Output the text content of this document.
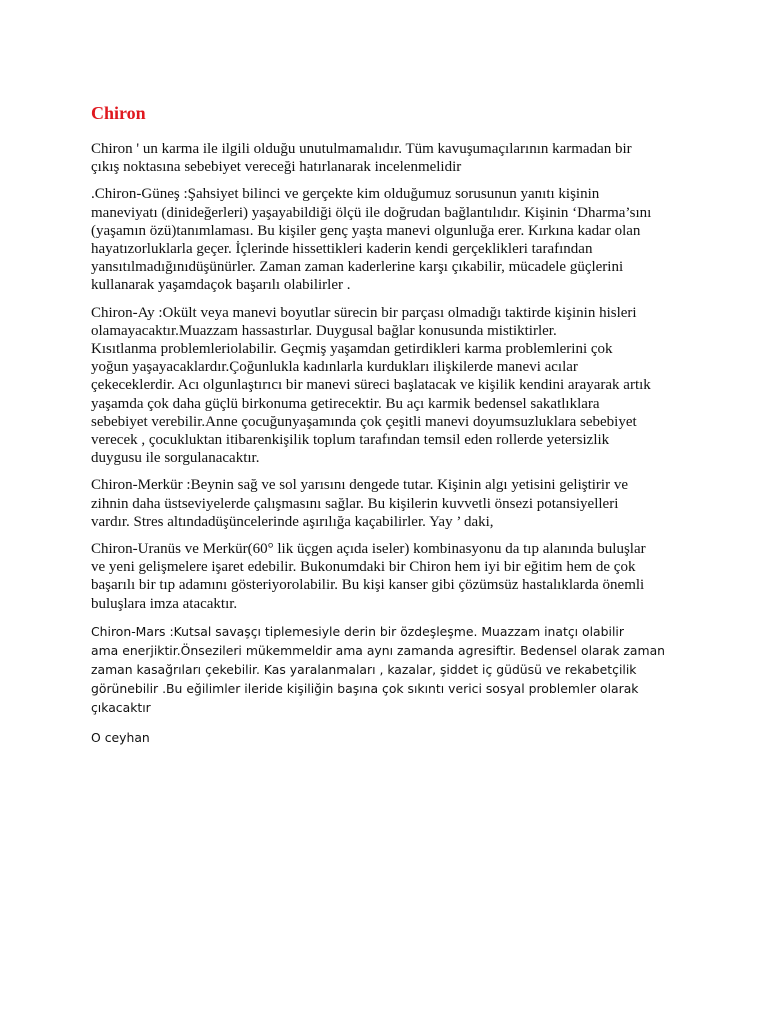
Chiron

Chiron ' un karma ile ilgili olduğu unutulmamalıdır. Tüm kavuşumaçılarının karmadan bir
çıkış noktasına sebebiyet vereceği hatırlanarak incelenmelidir

.Chiron-Güneş :Şahsiyet bilinci ve gerçekte kim olduğumuz sorusunun yanıtı kişinin
maneviyatı (dinideğerleri) yaşayabildiği ölçü ile doğrudan bağlantılıdır. Kişinin ‘Dharma’sını
(yaşamın özü)tanımlaması. Bu kişiler genç yaşta manevi olgunluğa erer. Kırkına kadar olan
hayatızorluklarla geçer. İçlerinde hissettikleri kaderin kendi gerçeklikleri tarafından
yansıtılmadığınıdüşünürler. Zaman zaman kaderlerine karşı çıkabilir, mücadele güçlerini
kullanarak yaşamdaçok başarılı olabilirler .

Chiron-Ay :Okült veya manevi boyutlar sürecin bir parçası olmadığı taktirde kişinin hisleri
olamayacaktır.Muazzam hassastırlar. Duygusal bağlar konusunda mistiktirler.
Kısıtlanma problemleriolabilir. Geçmiş yaşamdan getirdikleri karma problemlerini çok
yoğun yaşayacaklardır.Çoğunlukla kadınlarla kurdukları ilişkilerde manevi acılar
çekeceklerdir. Acı olgunlaştırıcı bir manevi süreci başlatacak ve kişilik kendini arayarak artık
yaşamda çok daha güçlü birkonuma getirecektir. Bu açı karmik bedensel sakatlıklara
sebebiyet verebilir.Anne çocuğunyaşamında çok çeşitli manevi doyumsuzluklara sebebiyet
verecek , çocukluktan itibarenkişilik toplum tarafından temsil eden rollerde yetersizlik
duygusu ile sorgulanacaktır.

Chiron-Merkür :Beynin sağ ve sol yarısını dengede tutar. Kişinin algı yetisini geliştirir ve
zihnin daha üstseviyelerde çalışmasını sağlar. Bu kişilerin kuvvetli önsezi potansiyelleri
vardır. Stres altındadüşüncelerinde aşırılığa kaçabilirler. Yay ’ daki,

Chiron-Uranüs ve Merkür(60° lik üçgen açıda iseler) kombinasyonu da tıp alanında buluşlar
ve yeni gelişmelere işaret edebilir. Bukonumdaki bir Chiron hem iyi bir eğitim hem de çok
başarılı bir tıp adamını gösteriyorolabilir. Bu kişi kanser gibi çözümsüz hastalıklarda önemli
buluşlara imza atacaktır.

Chiron-Mars :Kutsal savaşçı tiplemesiyle derin bir özdeşleşme. Muazzam inatçı olabilir
ama enerjiktir.Önsezileri mükemmeldir ama aynı zamanda agresiftir. Bedensel olarak zaman
zaman kasağrıları çekebilir. Kas yaralanmaları , kazalar, şiddet iç güdüsü ve rekabetçilik
görünebilir .Bu eğilimler ileride kişiliğin başına çok sıkıntı verici sosyal problemler olarak
çıkacaktır

O ceyhan
